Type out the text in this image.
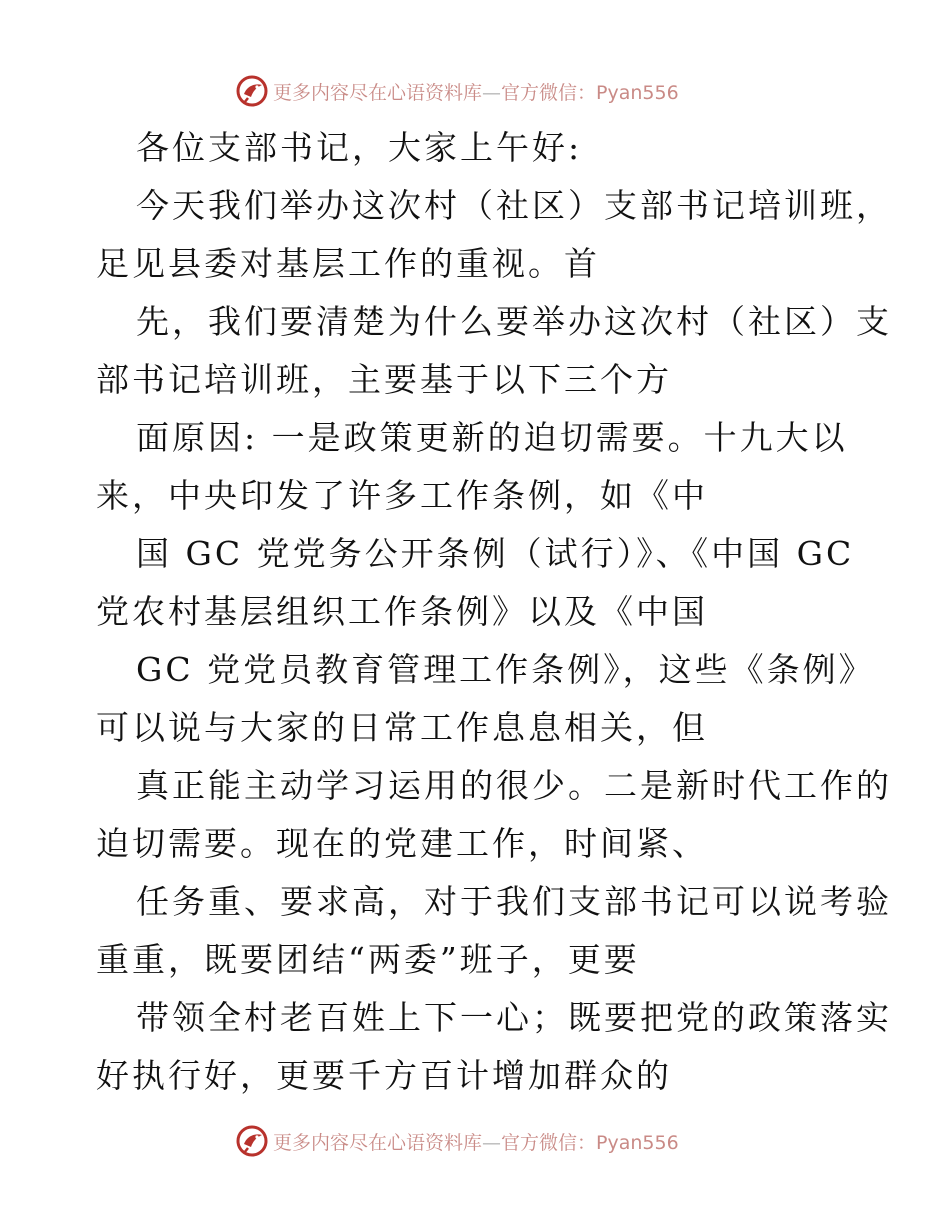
更多内容尽在心语资料库—官方微信：Pyan556
各位支部书记，大家上午好:
今天我们举办这次村（社区）支部书记培训班，
足见县委对基层工作的重视。首
先，我们要清楚为什么要举办这次村（社区）支
部书记培训班，主要基于以下三个方
面原因: 一是政策更新的迫切需要。十九大以
来，中央印发了许多工作条例，如《中
国 GC 党党务公开条例（试行）》、《中国 GC
党农村基层组织工作条例》以及《中国
GC 党党员教育管理工作条例》，这些《条例》
可以说与大家的日常工作息息相关，但
真正能主动学习运用的很少。二是新时代工作的
迫切需要。现在的党建工作，时间紧、
任务重、要求高，对于我们支部书记可以说考验
重重，既要团结“两委”班子，更要
带领全村老百姓上下一心；既要把党的政策落实
好执行好，更要千方百计增加群众的
更多内容尽在心语资料库—官方微信：Pyan556
